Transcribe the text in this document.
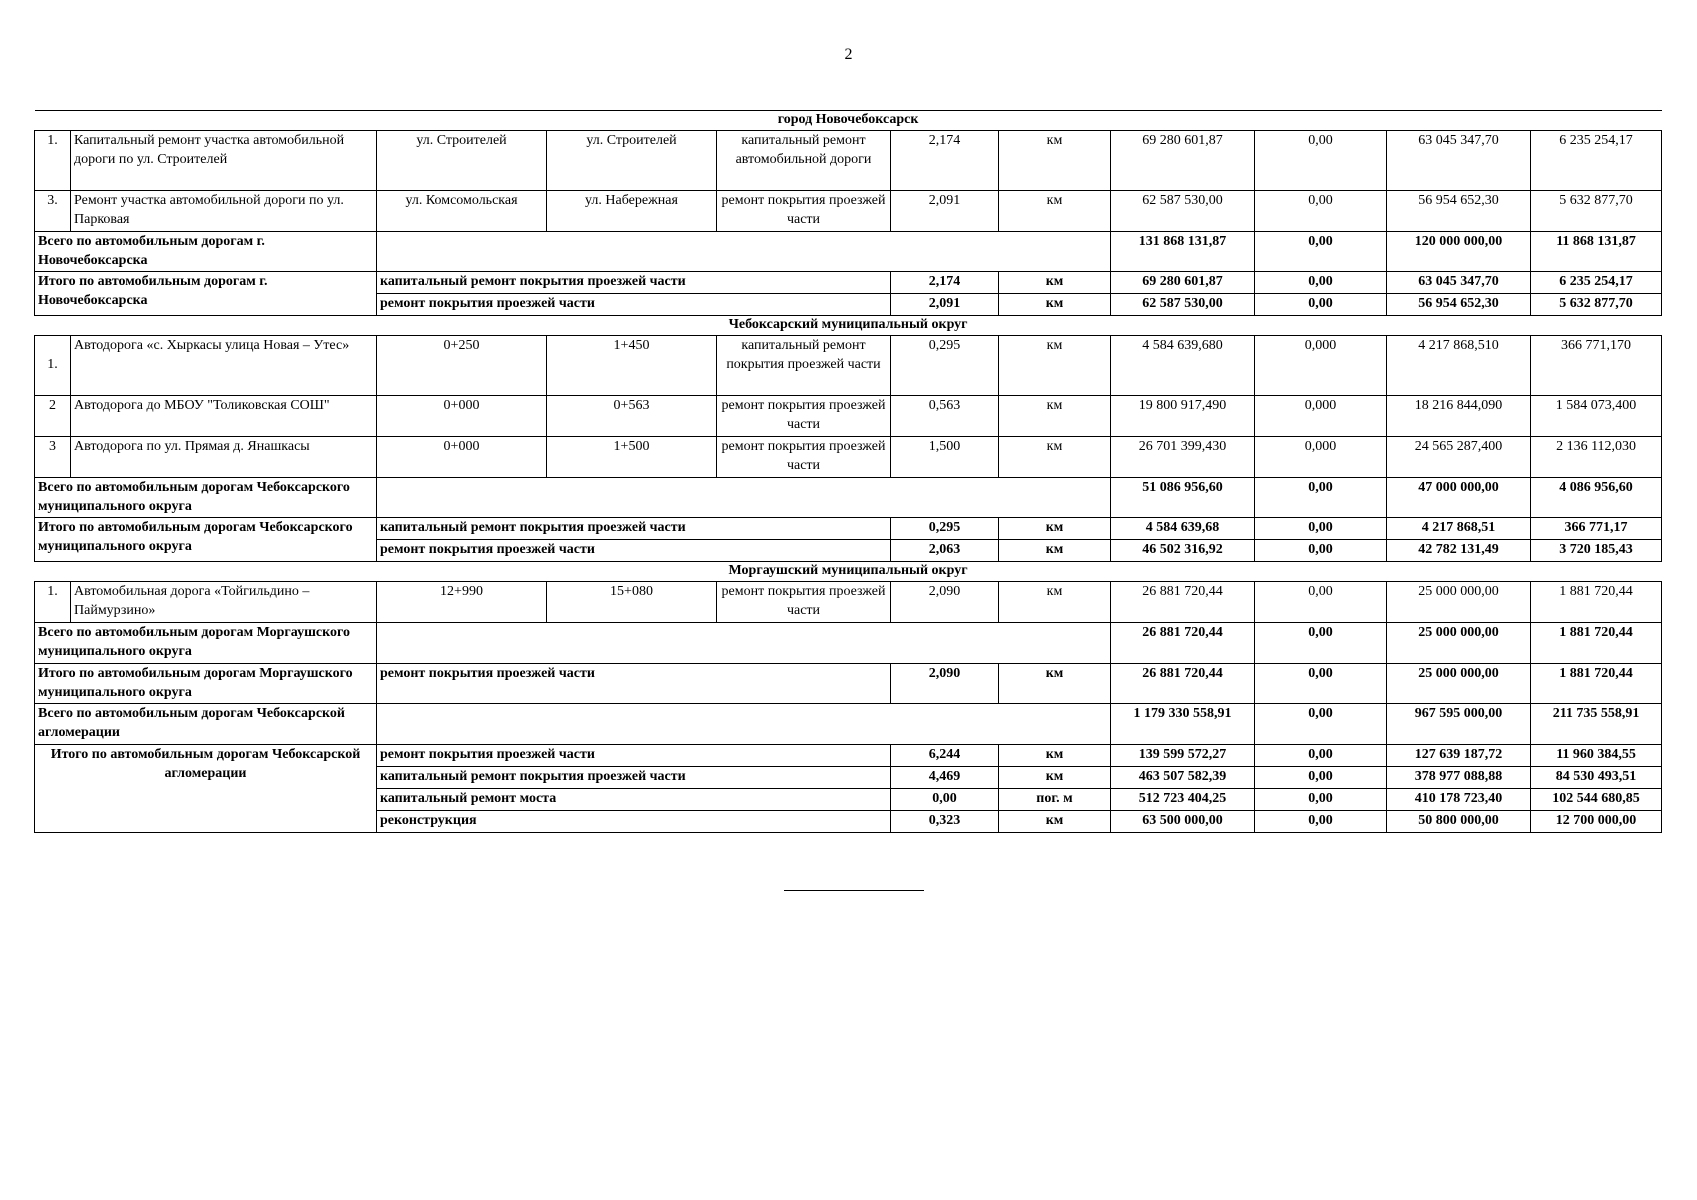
2
город Новочебоксарск										
1.	Капитальный ремонт участка автомобильной дороги по ул. Строителей	ул. Строителей	ул. Строителей	капитальный ремонт автомобильной дороги	2,174	км	69 280 601,87	0,00	63 045 347,70	6 235 254,17
3.	Ремонт участка автомобильной дороги по ул. Парковая	ул. Комсомольская	ул. Набережная	ремонт покрытия проезжей части	2,091	км	62 587 530,00	0,00	56 954 652,30	5 632 877,70
Всего по автомобильным дорогам г. Новочебоксарска							131 868 131,87	0,00	120 000 000,00	11 868 131,87
Итого по автомобильным дорогам г. Новочебоксарска		капитальный ремонт покрытия проезжей части			2,174	км	69 280 601,87	0,00	63 045 347,70	6 235 254,17
		ремонт покрытия проезжей части			2,091	км	62 587 530,00	0,00	56 954 652,30	5 632 877,70
Чебоксарский муниципальный округ										
1.	Автодорога «с. Хыркасы улица Новая – Утес»	0+250	1+450	капитальный ремонт покрытия проезжей части	0,295	км	4 584 639,680	0,000	4 217 868,510	366 771,170
2	Автодорога до МБОУ "Толиковская СОШ"	0+000	0+563	ремонт покрытия проезжей части	0,563	км	19 800 917,490	0,000	18 216 844,090	1 584 073,400
3	Автодорога по ул. Прямая д. Янашкасы	0+000	1+500	ремонт покрытия проезжей части	1,500	км	26 701 399,430	0,000	24 565 287,400	2 136 112,030
Всего по автомобильным дорогам Чебоксарского муниципального округа							51 086 956,60	0,00	47 000 000,00	4 086 956,60
Итого по автомобильным дорогам Чебоксарского муниципального округа		капитальный ремонт покрытия проезжей части			0,295	км	4 584 639,68	0,00	4 217 868,51	366 771,17
		ремонт покрытия проезжей части			2,063	км	46 502 316,92	0,00	42 782 131,49	3 720 185,43
Моргаушский муниципальный округ										
1.	Автомобильная дорога «Тойгильдино – Паймурзино»	12+990	15+080	ремонт покрытия проезжей части	2,090	км	26 881 720,44	0,00	25 000 000,00	1 881 720,44
Всего по автомобильным дорогам Моргаушского муниципального округа							26 881 720,44	0,00	25 000 000,00	1 881 720,44
Итого по автомобильным дорогам Моргаушского муниципального округа		ремонт покрытия проезжей части			2,090	км	26 881 720,44	0,00	25 000 000,00	1 881 720,44
Всего по автомобильным дорогам Чебоксарской агломерации							1 179 330 558,91	0,00	967 595 000,00	211 735 558,91
Итого по автомобильным дорогам Чебоксарской агломерации		ремонт покрытия проезжей части			6,244	км	139 599 572,27	0,00	127 639 187,72	11 960 384,55
		капитальный ремонт покрытия проезжей части			4,469	км	463 507 582,39	0,00	378 977 088,88	84 530 493,51
		капитальный ремонт моста			0,00	пог. м	512 723 404,25	0,00	410 178 723,40	102 544 680,85
		реконструкция			0,323	км	63 500 000,00	0,00	50 800 000,00	12 700 000,00
